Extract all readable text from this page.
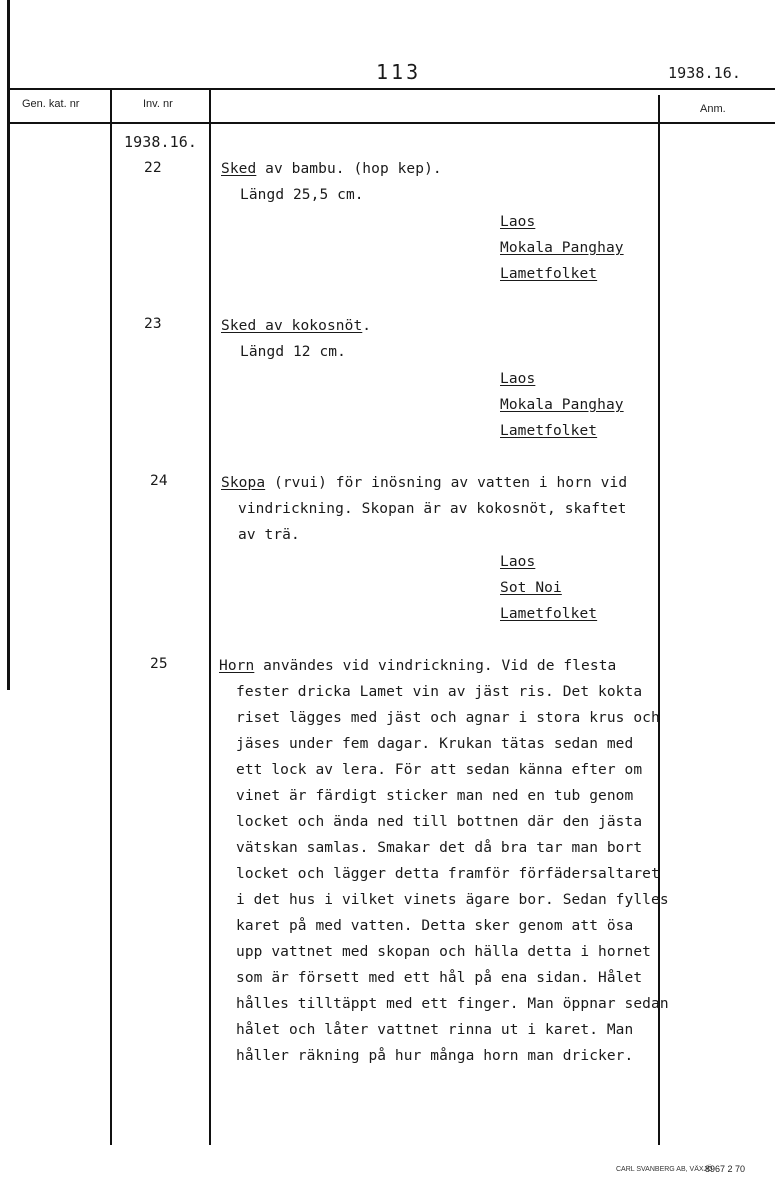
113	1938.16.
Gen. kat. nr	Inv. nr	Anm.
1938.16.
22	Sked av bambu. (hop kep).
Längd 25,5 cm.
Laos
Mokala Panghay
Lametfolket
23	Sked av kokosnöt.
Längd 12 cm.
Laos
Mokala Panghay
Lametfolket
24	Skopa (rvui) för inösning av vatten i horn vid
vindrickning. Skopan är av kokosnöt, skaftet
av trä.
Laos
Sot Noi
Lametfolket
25	Horn användes vid vindrickning. Vid de flesta
fester dricka Lamet vin av jäst ris. Det kokta
riset lägges med jäst och agnar i stora krus och
jäses under fem dagar. Krukan tätas sedan med
ett lock av lera. För att sedan känna efter om
vinet är färdigt sticker man ned en tub genom
locket och ända ned till bottnen där den jästa
vätskan samlas. Smakar det då bra tar man bort
locket och lägger detta framför förfädersaltaret
i det hus i vilket vinets ägare bor. Sedan fylles
karet på med vatten. Detta sker genom att ösa
upp vattnet med skopan och hälla detta i hornet
som är försett med ett hål på ena sidan. Hålet
hålles tilltäppt med ett finger. Man öppnar sedan
hålet och låter vattnet rinna ut i karet. Man
håller räkning på hur många horn man dricker.
CARL SVANBERG AB, VÄXJÖ
8967 2 70
